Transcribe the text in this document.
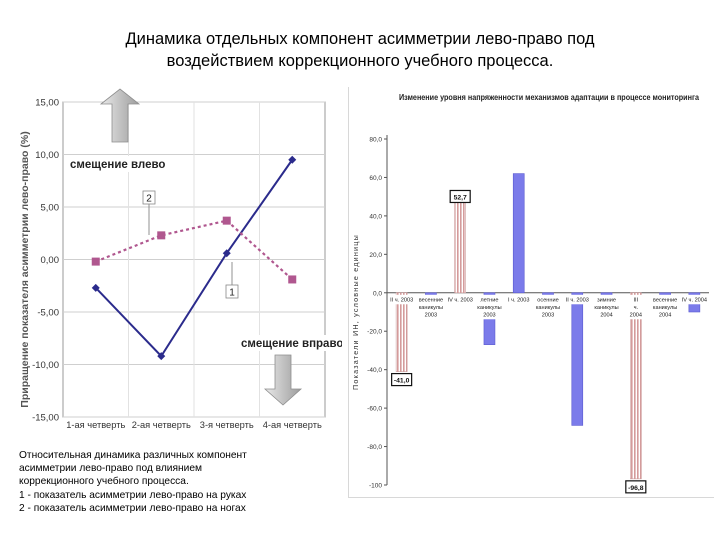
Динамика отдельных компонент асимметрии лево-право под
воздействием коррекционного учебного процесса.
15,00
10,00
5,00
0,00
-5,00
-10,00
-15,00
1-ая четверть 2-ая четверть 3-я четверть 4-ая четверть
Приращение показателя асимметрии лево-право (%)	смещение влево
смещение вправо
2
1
Изменение уровня напряженности механизмов адаптации в процессе мониторинга
80,0
60,0
40,0
20,0
0,0
-20,0
-40,0
-60,0
-80,0
-100
Показатели ИН, условные единицы	II ч. 2003 весенние
каникулы
2003
IV ч. 2003 летние
каникулы
2003
I ч. 2003 осенние
каникулы
2003
II ч. 2003 зимние
каникулы
2004
III
ч.
2004
весенние
каникулы
2004
IV ч. 2004
-41,0
52,7
-96,8
Относительная динамика различных компонент
асимметрии лево-право под влиянием
коррекционного учебного процесса.
1 - показатель асимметрии лево-право на руках
2 - показатель асимметрии лево-право на ногах
